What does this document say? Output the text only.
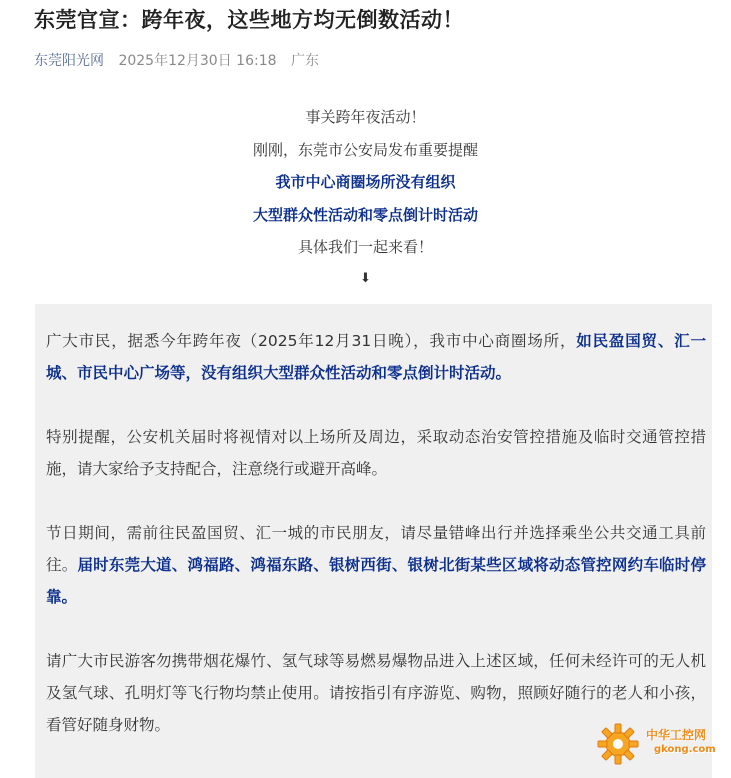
东莞官宣：跨年夜，这些地方均无倒数活动！
东莞阳光网 2025年12月30日 16:18 广东
事关跨年夜活动！
刚刚，东莞市公安局发布重要提醒
我市中心商圈场所没有组织
大型群众性活动和零点倒计时活动
具体我们一起来看！
⬇
广大市民，据悉今年跨年夜（2025年12月31日晚），我市中心商圈场所，如民盈国贸、汇一城、市民中心广场等，没有组织大型群众性活动和零点倒计时活动。
特别提醒，公安机关届时将视情对以上场所及周边，采取动态治安管控措施及临时交通管控措施，请大家给予支持配合，注意绕行或避开高峰。
节日期间，需前往民盈国贸、汇一城的市民朋友，请尽量错峰出行并选择乘坐公共交通工具前往。届时东莞大道、鸿福路、鸿福东路、银树西街、银树北街某些区域将动态管控网约车临时停靠。
请广大市民游客勿携带烟花爆竹、氢气球等易燃易爆物品进入上述区域，任何未经许可的无人机及氢气球、孔明灯等飞行物均禁止使用。请按指引有序游览、购物，照顾好随行的老人和小孩，看管好随身财物。
中华工控网
gkong.com
